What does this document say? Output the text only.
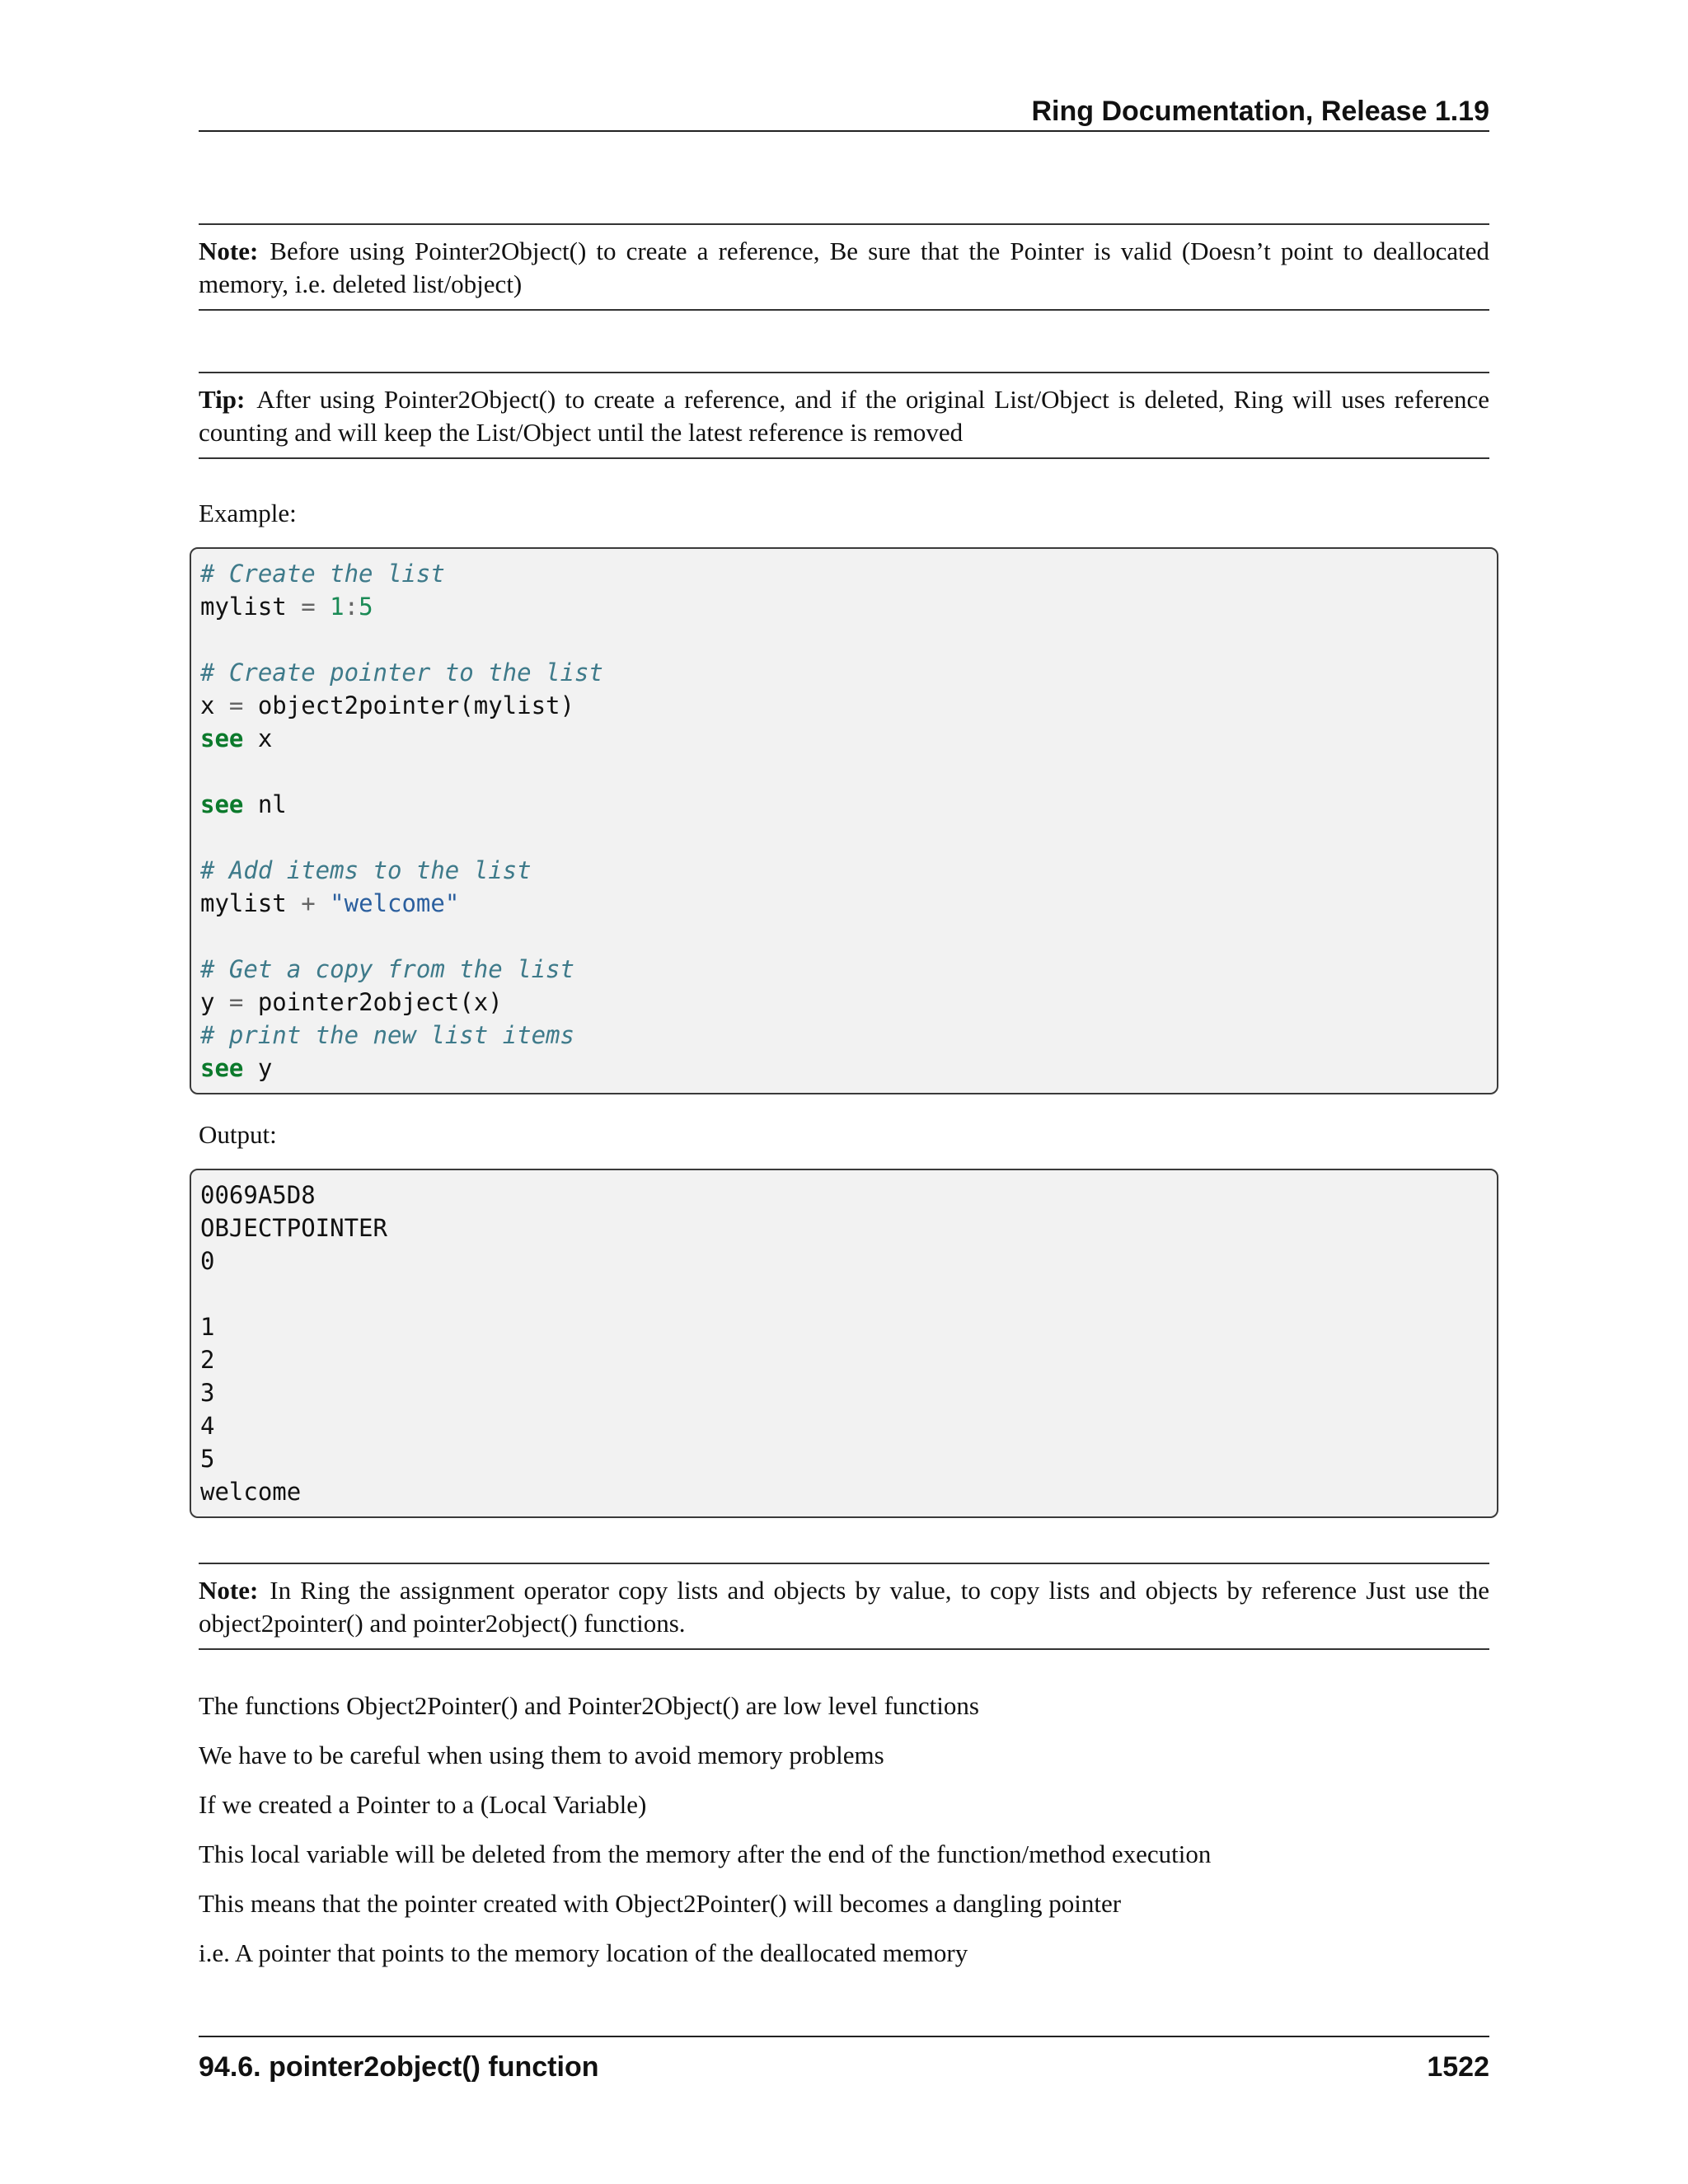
Ring Documentation, Release 1.19
Note: Before using Pointer2Object() to create a reference, Be sure that the Pointer is valid (Doesn’t point to deallocated memory, i.e. deleted list/object)
Tip: After using Pointer2Object() to create a reference, and if the original List/Object is deleted, Ring will uses reference counting and will keep the List/Object until the latest reference is removed
Example:
# Create the list
mylist = 1:5
# Create pointer to the list
x = object2pointer(mylist)
see x
see nl
# Add items to the list
mylist + "welcome"
# Get a copy from the list
y = pointer2object(x)
# print the new list items
see y
Output:
0069A5D8
OBJECTPOINTER
0
1
2
3
4
5
welcome
Note: In Ring the assignment operator copy lists and objects by value, to copy lists and objects by reference Just use the object2pointer() and pointer2object() functions.
The functions Object2Pointer() and Pointer2Object() are low level functions
We have to be careful when using them to avoid memory problems
If we created a Pointer to a (Local Variable)
This local variable will be deleted from the memory after the end of the function/method execution
This means that the pointer created with Object2Pointer() will becomes a dangling pointer
i.e. A pointer that points to the memory location of the deallocated memory
94.6. pointer2object() function	1522
